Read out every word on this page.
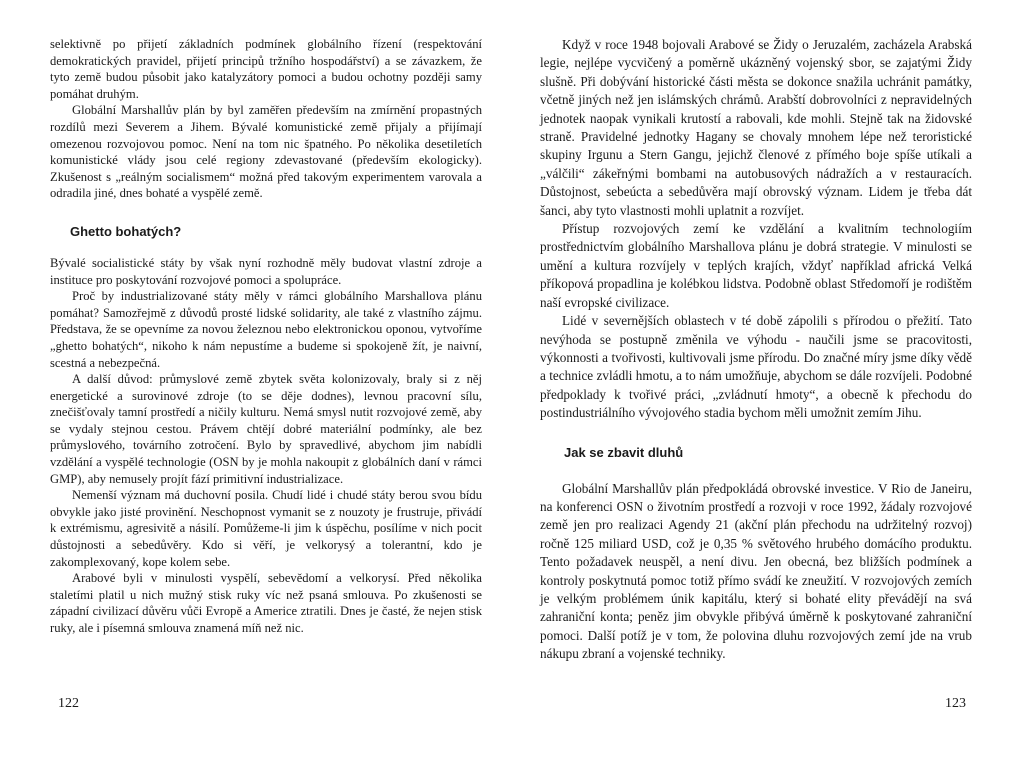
selektivně po přijetí základních podmínek globálního řízení (respektování demokratických pravidel, přijetí principů tržního hospodářství) a se závazkem, že tyto země budou působit jako katalyzátory pomoci a budou ochotny později samy pomáhat druhým.

Globální Marshallův plán by byl zaměřen především na zmírnění propastných rozdílů mezi Severem a Jihem. Bývalé komunistické země přijaly a přijímají omezenou rozvojovou pomoc. Není na tom nic špatného. Po několika desetiletích komunistické vlády jsou celé regiony zdevastované (především ekologicky). Zkušenost s „reálným socialismem“ možná před takovým experimentem varovala a odradila jiné, dnes bohaté a vyspělé země.

Ghetto bohatých?

Bývalé socialistické státy by však nyní rozhodně měly budovat vlastní zdroje a instituce pro poskytování rozvojové pomoci a spolupráce.

Proč by industrializované státy měly v rámci globálního Marshallova plánu pomáhat? Samozřejmě z důvodů prosté lidské solidarity, ale také z vlastního zájmu. Představa, že se opevníme za novou železnou nebo elektronickou oponou, vytvoříme „ghetto bohatých“, nikoho k nám nepustíme a budeme si spokojeně žít, je naivní, scestná a nebezpečná.

A další důvod: průmyslové země zbytek světa kolonizovaly, braly si z něj energetické a surovinové zdroje (to se děje dodnes), levnou pracovní sílu, znečišťovaly tamní prostředí a ničily kulturu. Nemá smysl nutit rozvojové země, aby se vydaly stejnou cestou. Právem chtějí dobré materiální podmínky, ale bez průmyslového, továrního zotročení. Bylo by spravedlivé, abychom jim nabídli vzdělání a vyspělé technologie (OSN by je mohla nakoupit z globálních daní v rámci GMP), aby nemusely projít fází primitivní industrializace.

Nemenší význam má duchovní posila. Chudí lidé i chudé státy berou svou bídu obvykle jako jisté provinění. Neschopnost vymanit se z nouzoty je frustruje, přivádí k extrémismu, agresivitě a násilí. Pomůžeme-li jim k úspěchu, posílíme v nich pocit důstojnosti a sebedůvěry. Kdo si věří, je velkorysý a tolerantní, kdo je zakomplexovaný, kope kolem sebe.

Arabové byli v minulosti vyspělí, sebevědomí a velkorysí. Před několika staletími platil u nich mužný stisk ruky víc než psaná smlouva. Po zkušenosti se západní civilizací důvěru vůči Evropě a Americe ztratili. Dnes je časté, že nejen stisk ruky, ale i písemná smlouva znamená míň než nic.

Když v roce 1948 bojovali Arabové se Židy o Jeruzalém, zacházela Arabská legie, nejlépe vycvičený a poměrně ukázněný vojenský sbor, se zajatými Židy slušně. Při dobývání historické části města se dokonce snažila uchránit památky, včetně jiných než jen islámských chrámů. Arabští dobrovolníci z nepravidelných jednotek naopak vynikali krutostí a rabovali, kde mohli. Stejně tak na židovské straně. Pravidelné jednotky Haganу se chovaly mnohem lépe než teroristické skupiny Irgunu a Stern Gangu, jejichž členové z přímého boje spíše utíkali a „válčili“ zákeřnými bombami na autobusových nádražích a v restauracích. Důstojnost, sebeúcta a sebedůvěra mají obrovský význam. Lidem je třeba dát šanci, aby tyto vlastnosti mohli uplatnit a rozvíjet.

Přístup rozvojových zemí ke vzdělání a kvalitním technologiím prostřednictvím globálního Marshallova plánu je dobrá strategie. V minulosti se umění a kultura rozvíjely v teplých krajích, vždyť například africká Velká příkopová propadlina je kolébkou lidstva. Podobně oblast Středomoří je rodištěm naší evropské civilizace.

Lidé v severnějších oblastech v té době zápolili s přírodou o přežití. Tato nevýhoda se postupně změnila ve výhodu - naučili jsme se pracovitosti, výkonnosti a tvořivosti, kultivovali jsme přírodu. Do značné míry jsme díky vědě a technice zvládli hmotu, a to nám umožňuje, abychom se dále rozvíjeli. Podobné předpoklady k tvořivé práci, „zvládnutí hmoty“, a obecně k přechodu do postindustriálního vývojového stadia bychom měli umožnit zemím Jihu.

Jak se zbavit dluhů

Globální Marshallův plán předpokládá obrovské investice. V Rio de Janeiru, na konferenci OSN o životním prostředí a rozvoji v roce 1992, žádaly rozvojové země jen pro realizaci Agendy 21 (akční plán přechodu na udržitelný rozvoj) ročně 125 miliard USD, což je 0,35 % světového hrubého domácího produktu. Tento požadavek neuspěl, a není divu. Jen obecná, bez bližších podmínek a kontroly poskytnutá pomoc totiž přímo svádí ke zneužití. V rozvojových zemích je velkým problémem únik kapitálu, který si bohaté elity převádějí na svá zahraniční konta; peněz jim obvykle přibývá úměrně k poskytované zahraniční pomoci. Další potíž je v tom, že polovina dluhu rozvojových zemí jde na vrub nákupu zbraní a vojenské techniky.

122	123
